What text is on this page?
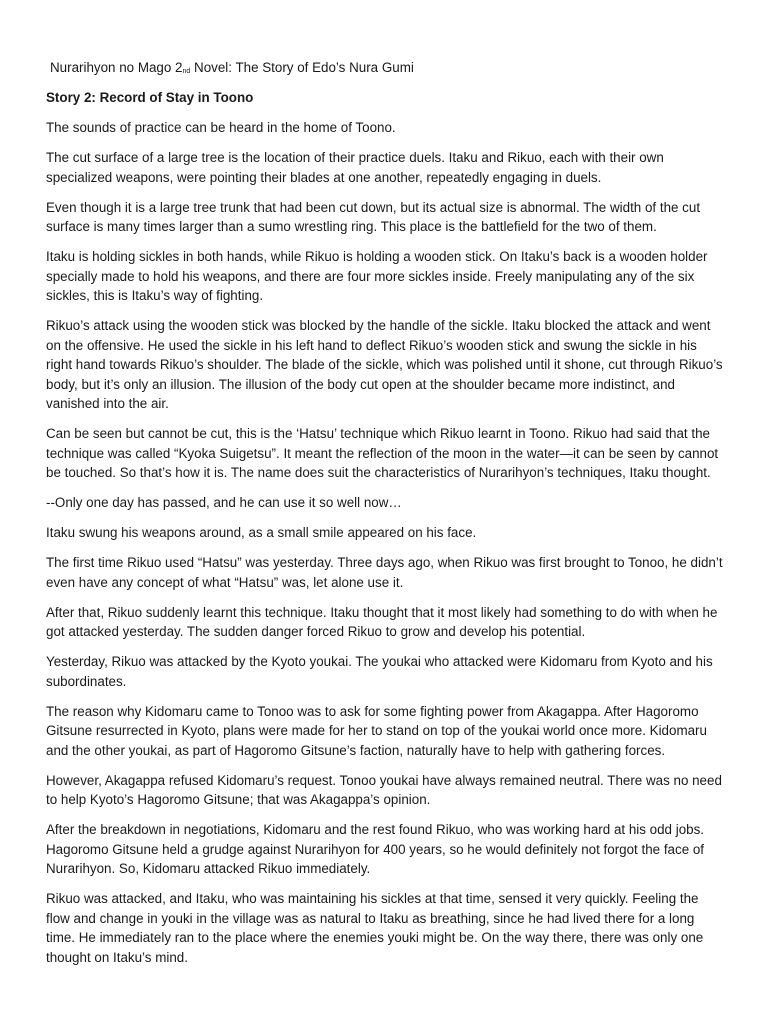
Nurarihyon no Mago $2_{nd}$ Novel: The Story of Edo’s Nura Gumi
Story 2: Record of Stay in Toono

The sounds of practice can be heard in the home of Toono.

The cut surface of a large tree is the location of their practice duels. Itaku and Rikuo, each with their own specialized weapons, were pointing their blades at one another, repeatedly engaging in duels.

Even though it is a large tree trunk that had been cut down, but its actual size is abnormal. The width of the cut surface is many times larger than a sumo wrestling ring. This place is the battlefield for the two of them.

Itaku is holding sickles in both hands, while Rikuo is holding a wooden stick. On Itaku’s back is a wooden holder specially made to hold his weapons, and there are four more sickles inside. Freely manipulating any of the six sickles, this is Itaku’s way of fighting.

Rikuo’s attack using the wooden stick was blocked by the handle of the sickle. Itaku blocked the attack and went on the offensive. He used the sickle in his left hand to deflect Rikuo’s wooden stick and swung the sickle in his right hand towards Rikuo’s shoulder. The blade of the sickle, which was polished until it shone, cut through Rikuo’s body, but it’s only an illusion. The illusion of the body cut open at the shoulder became more indistinct, and vanished into the air.

Can be seen but cannot be cut, this is the ‘Hatsu’ technique which Rikuo learnt in Toono. Rikuo had said that the technique was called “Kyoka Suigetsu”. It meant the reflection of the moon in the water—it can be seen by cannot be touched. So that’s how it is. The name does suit the characteristics of Nurarihyon’s techniques, Itaku thought.

--Only one day has passed, and he can use it so well now…

Itaku swung his weapons around, as a small smile appeared on his face.

The first time Rikuo used “Hatsu” was yesterday. Three days ago, when Rikuo was first brought to Tonoo, he didn’t even have any concept of what “Hatsu” was, let alone use it.

After that, Rikuo suddenly learnt this technique. Itaku thought that it most likely had something to do with when he got attacked yesterday. The sudden danger forced Rikuo to grow and develop his potential.

Yesterday, Rikuo was attacked by the Kyoto youkai. The youkai who attacked were Kidomaru from Kyoto and his subordinates.

The reason why Kidomaru came to Tonoo was to ask for some fighting power from Akagappa. After Hagoromo Gitsune resurrected in Kyoto, plans were made for her to stand on top of the youkai world once more. Kidomaru and the other youkai, as part of Hagoromo Gitsune’s faction, naturally have to help with gathering forces.

However, Akagappa refused Kidomaru’s request. Tonoo youkai have always remained neutral. There was no need to help Kyoto’s Hagoromo Gitsune; that was Akagappa’s opinion.

After the breakdown in negotiations, Kidomaru and the rest found Rikuo, who was working hard at his odd jobs. Hagoromo Gitsune held a grudge against Nurarihyon for 400 years, so he would definitely not forgot the face of Nurarihyon. So, Kidomaru attacked Rikuo immediately.

Rikuo was attacked, and Itaku, who was maintaining his sickles at that time, sensed it very quickly. Feeling the flow and change in youki in the village was as natural to Itaku as breathing, since he had lived there for a long time. He immediately ran to the place where the enemies youki might be. On the way there, there was only one thought on Itaku’s mind.
